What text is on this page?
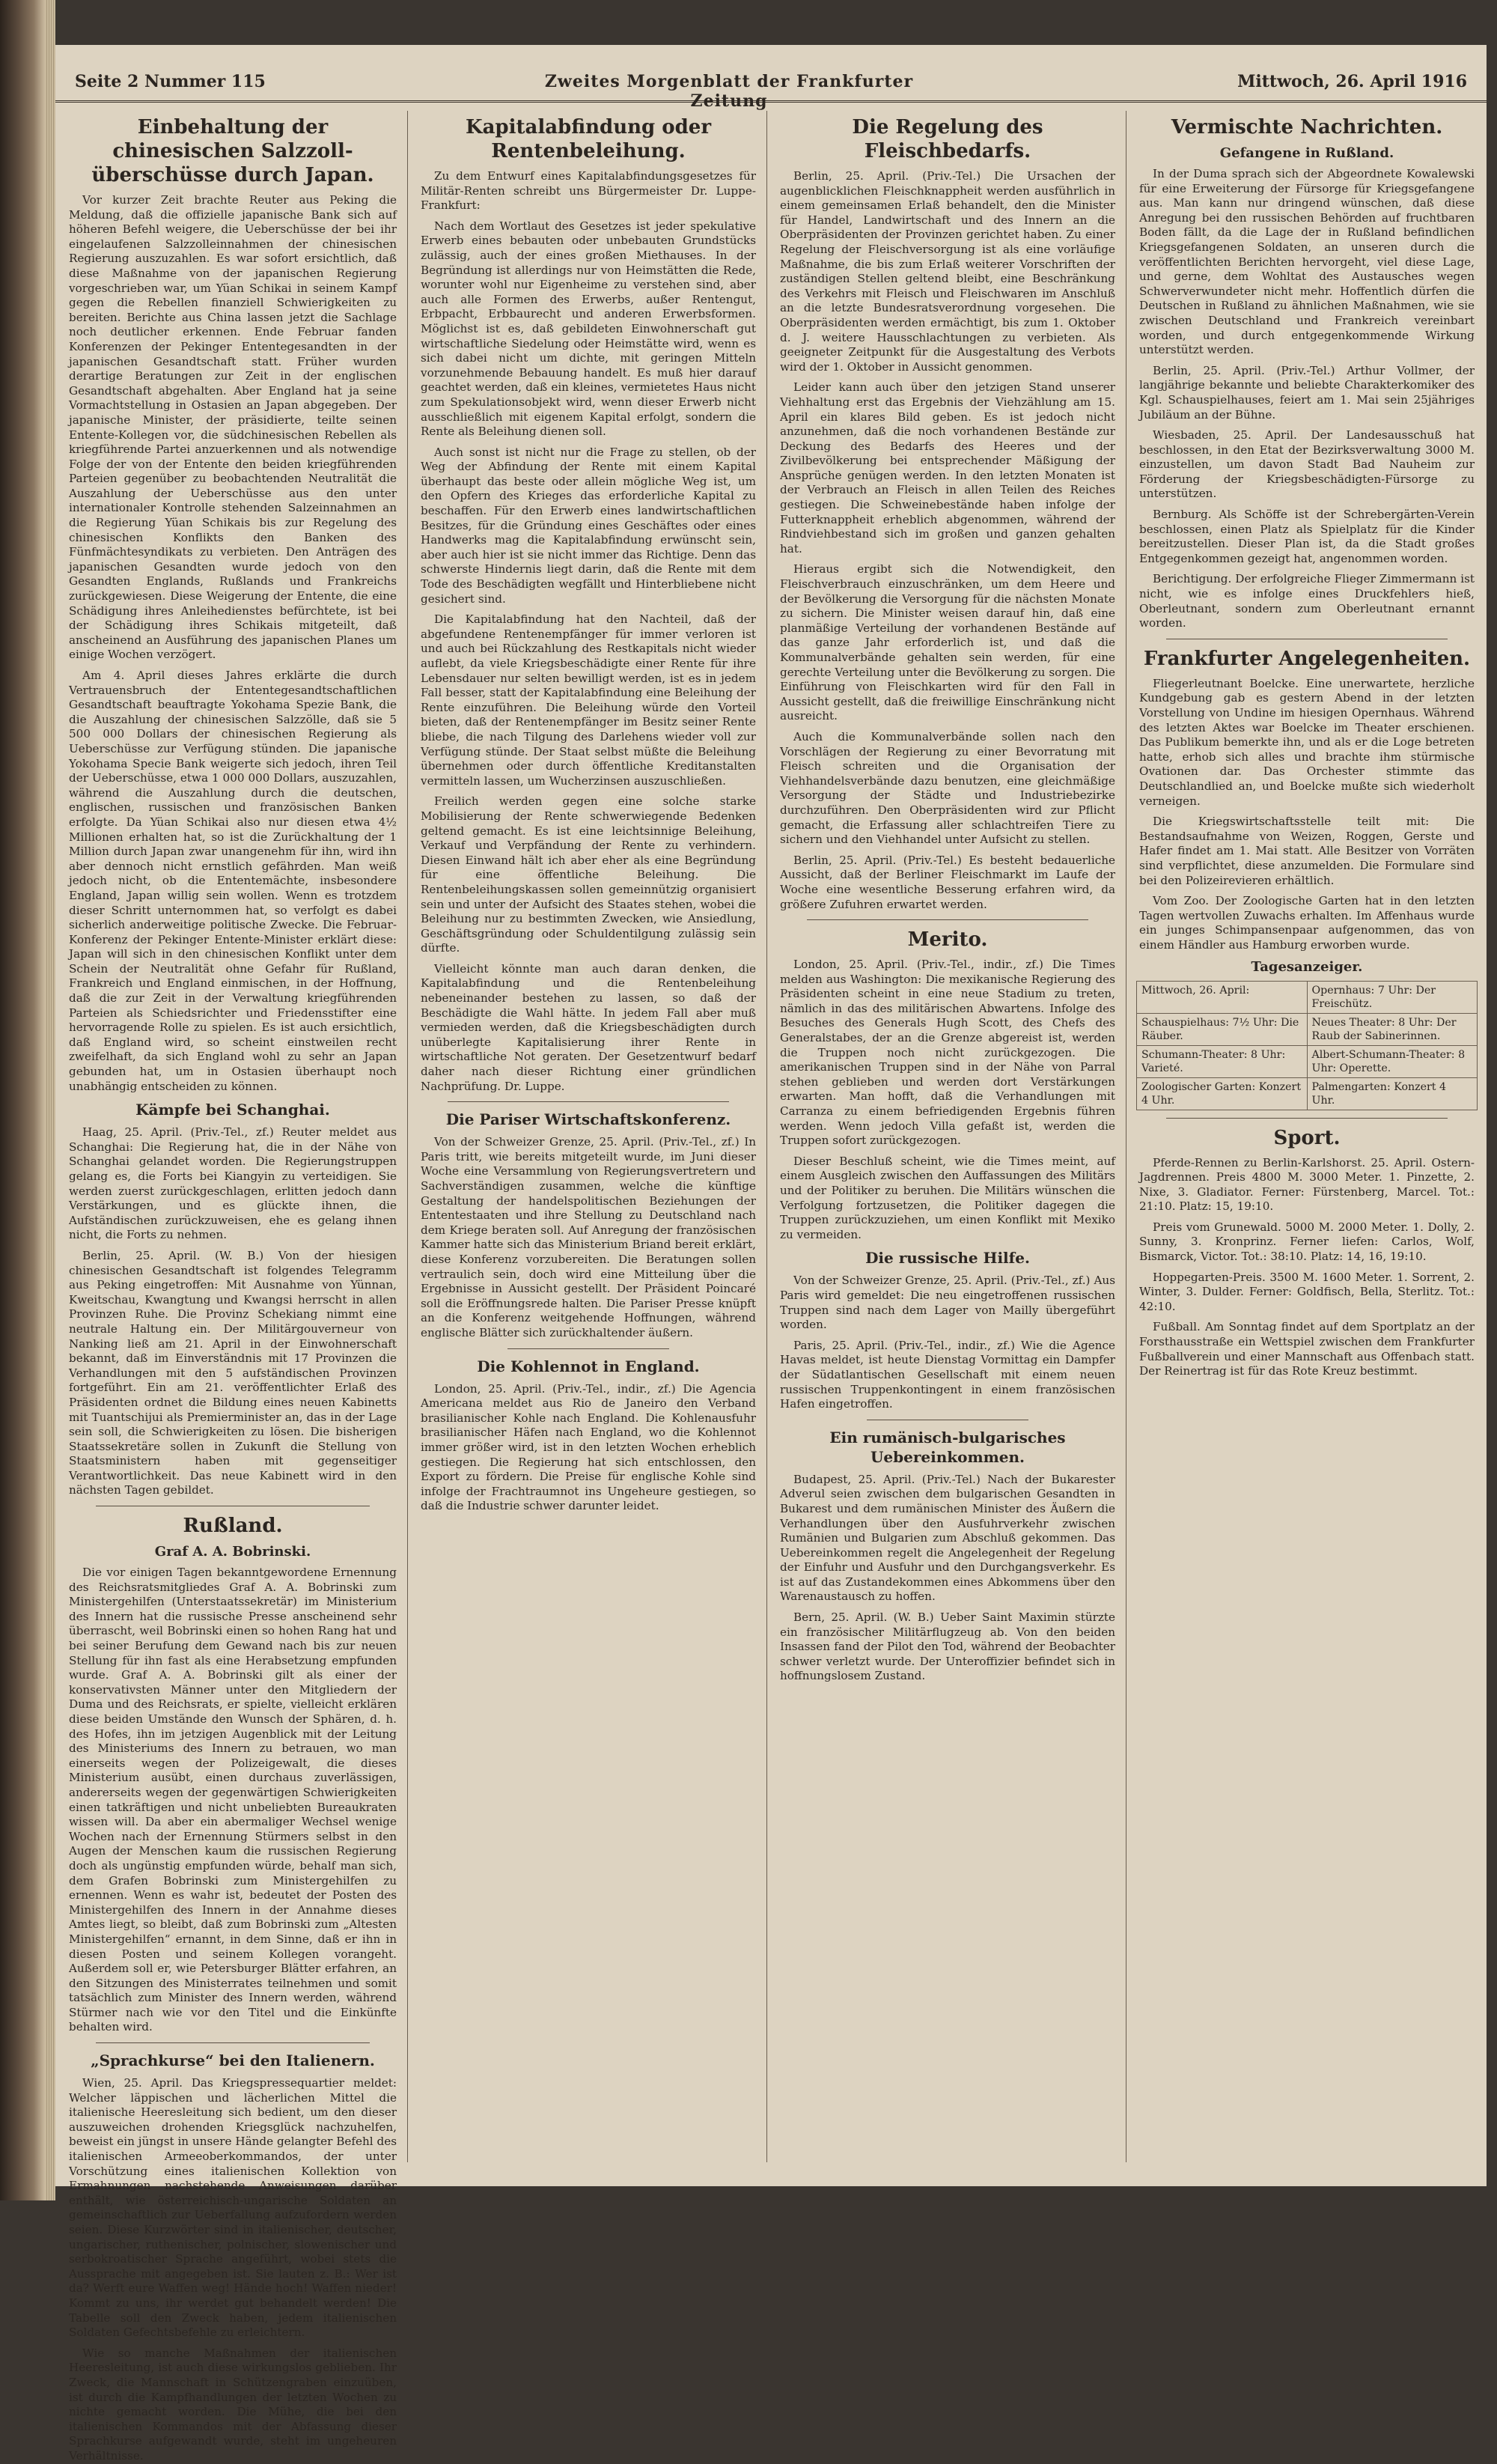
Seite 2 Nummer 115	Zweites Morgenblatt der Frankfurter Zeitung
Mittwoch, 26. April 1916
Einbehaltung der chinesischen Salzzollüberschüsse durch Japan.

Vor kurzer Zeit brachte Reuter aus Peking die Meldung, daß die offizielle japanische Bank sich auf höheren Befehl weigere, die Ueberschüsse der bei ihr eingelaufenen Salzzolleinnahmen der chinesischen Regierung auszuzahlen. Es war sofort ersichtlich, daß diese Maßnahme von der japanischen Regierung vorgeschrieben war, um Yüan Schikai in seinem Kampf gegen die Rebellen finanziell Schwierigkeiten zu bereiten. Berichte aus China lassen jetzt die Sachlage noch deutlicher erkennen. Ende Februar fanden Konferenzen der Pekinger Ententegesandten in der japanischen Gesandtschaft statt. Früher wurden derartige Beratungen zur Zeit in der englischen Gesandtschaft abgehalten. Aber England hat ja seine Vormachtstellung in Ostasien an Japan abgegeben. Der japanische Minister, der präsidierte, teilte seinen Entente-Kollegen vor, die südchinesischen Rebellen als kriegführende Partei anzuerkennen und als notwendige Folge der von der Entente den beiden kriegführenden Parteien gegenüber zu beobachtenden Neutralität die Auszahlung der Ueberschüsse aus den unter internationaler Kontrolle stehenden Salzeinnahmen an die Regierung Yüan Schikais bis zur Regelung des chinesischen Konflikts den Banken des Fünfmächtesyndikats zu verbieten. Den Anträgen des japanischen Gesandten wurde jedoch von den Gesandten Englands, Rußlands und Frankreichs zurückgewiesen. Diese Weigerung der Entente, die eine Schädigung ihres Anleihedienstes befürchtete, ist bei der Schädigung ihres Schikais mitgeteilt, daß anscheinend an Ausführung des japanischen Planes um einige Wochen verzögert.

Am 4. April dieses Jahres erklärte die durch Vertrauensbruch der Ententegesandtschaftlichen Gesandtschaft beauftragte Yokohama Spezie Bank, die die Auszahlung der chinesischen Salzzölle, daß sie 5 500 000 Dollars der chinesischen Regierung als Ueberschüsse zur Verfügung stünden. Die japanische Yokohama Specie Bank weigerte sich jedoch, ihren Teil der Ueberschüsse, etwa 1 000 000 Dollars, auszuzahlen, während die Auszahlung durch die deutschen, englischen, russischen und französischen Banken erfolgte. Da Yüan Schikai also nur diesen etwa 4½ Millionen erhalten hat, so ist die Zurückhaltung der 1 Million durch Japan zwar unangenehm für ihn, wird ihn aber dennoch nicht ernstlich gefährden. Man weiß jedoch nicht, ob die Ententemächte, insbesondere England, Japan willig sein wollen. Wenn es trotzdem dieser Schritt unternommen hat, so verfolgt es dabei sicherlich anderweitige politische Zwecke. Die Februar-Konferenz der Pekinger Entente-Minister erklärt diese: Japan will sich in den chinesischen Konflikt unter dem Schein der Neutralität ohne Gefahr für Rußland, Frankreich und England einmischen, in der Hoffnung, daß die zur Zeit in der Verwaltung kriegführenden Parteien als Schiedsrichter und Friedensstifter eine hervorragende Rolle zu spielen. Es ist auch ersichtlich, daß England wird, so scheint einstweilen recht zweifelhaft, da sich England wohl zu sehr an Japan gebunden hat, um in Ostasien überhaupt noch unabhängig entscheiden zu können.

Kämpfe bei Schanghai.

Haag, 25. April. (Priv.-Tel., zf.) Reuter meldet aus Schanghai: Die Regierung hat, die in der Nähe von Schanghai gelandet worden. Die Regierungstruppen gelang es, die Forts bei Kiangyin zu verteidigen. Sie werden zuerst zurückgeschlagen, erlitten jedoch dann Verstärkungen, und es glückte ihnen, die Aufständischen zurückzuweisen, ehe es gelang ihnen nicht, die Forts zu nehmen.

Berlin, 25. April. (W. B.) Von der hiesigen chinesischen Gesandtschaft ist folgendes Telegramm aus Peking eingetroffen: Mit Ausnahme von Yünnan, Kweitschau, Kwangtung und Kwangsi herrscht in allen Provinzen Ruhe. Die Provinz Schekiang nimmt eine neutrale Haltung ein. Der Militärgouverneur von Nanking ließ am 21. April in der Einwohnerschaft bekannt, daß im Einverständnis mit 17 Provinzen die Verhandlungen mit den 5 aufständischen Provinzen fortgeführt. Ein am 21. veröffentlichter Erlaß des Präsidenten ordnet die Bildung eines neuen Kabinetts mit Tuantschijui als Premierminister an, das in der Lage sein soll, die Schwierigkeiten zu lösen. Die bisherigen Staatssekretäre sollen in Zukunft die Stellung von Staatsministern haben mit gegenseitiger Verantwortlichkeit. Das neue Kabinett wird in den nächsten Tagen gebildet.

Rußland.
Graf A. A. Bobrinski.

Die vor einigen Tagen bekanntgewordene Ernennung des Reichsratsmitgliedes Graf A. A. Bobrinski zum Ministergehilfen (Unterstaatssekretär) im Ministerium des Innern hat die russische Presse anscheinend sehr überrascht, weil Bobrinski einen so hohen Rang hat und bei seiner Berufung dem Gewand nach bis zur neuen Stellung für ihn fast als eine Herabsetzung empfunden wurde. Graf A. A. Bobrinski gilt als einer der konservativsten Männer unter den Mitgliedern der Duma und des Reichsrats, er spielte, vielleicht erklären diese beiden Umstände den Wunsch der Sphären, d. h. des Hofes, ihn im jetzigen Augenblick mit der Leitung des Ministeriums des Innern zu betrauen, wo man einerseits wegen der Polizeigewalt, die dieses Ministerium ausübt, einen durchaus zuverlässigen, andererseits wegen der gegenwärtigen Schwierigkeiten einen tatkräftigen und nicht unbeliebten Bureaukraten wissen will. Da aber ein abermaliger Wechsel wenige Wochen nach der Ernennung Stürmers selbst in den Augen der Menschen kaum die russischen Regierung doch als ungünstig empfunden würde, behalf man sich, dem Grafen Bobrinski zum Ministergehilfen zu ernennen. Wenn es wahr ist, bedeutet der Posten des Ministergehilfen des Innern in der Annahme dieses Amtes liegt, so bleibt, daß zum Bobrinski zum „Altesten Ministergehilfen“ ernannt, in dem Sinne, daß er ihn in diesen Posten und seinem Kollegen vorangeht. Außerdem soll er, wie Petersburger Blätter erfahren, an den Sitzungen des Ministerrates teilnehmen und somit tatsächlich zum Minister des Innern werden, während Stürmer nach wie vor den Titel und die Einkünfte behalten wird.

„Sprachkurse“ bei den Italienern.

Wien, 25. April. Das Kriegspressequartier meldet: Welcher läppischen und lächerlichen Mittel die italienische Heeresleitung sich bedient, um den dieser auszuweichen drohenden Kriegsglück nachzuhelfen, beweist ein jüngst in unsere Hände gelangter Befehl des italienischen Armeeoberkommandos, der unter Vorschützung eines italienischen Kollektion von Ermahnungen nachstehende Anweisungen darüber enthält, wie österreichisch-ungarische Soldaten an gemeinschaftlich zur Ueberfallung aufzufordern werden seien. Diese Kurzwörter sind in italienischer, deutscher, ungarischer, ruthenischer, polnischer, slowenischer und serbokroatischer Sprache angeführt, wobei stets die Aussprache mit angegeben ist. Sie lauten z. B.: Wer ist da? Werft eure Waffen weg! Hände hoch! Waffen nieder! Kommt zu uns, ihr werdet gut behandelt werden! Die Tabelle soll den Zweck haben, jedem italienischen Soldaten Gefechtsbefehle zu erleichtern.

Wie so manche Maßnahmen der italienischen Heeresleitung, ist auch diese wirkungslos geblieben. Ihr Zweck, die Mannschaft in Schützengraben einzuüben, ist durch die Kampfhandlungen der letzten Wochen zu nichte gemacht worden. Die Mühe, die bei den italienischen Kommandos mit der Abfassung dieser Sprachkurse aufgewandt wurde, steht im ungeheuren Verhältnisse.

Kapitalabfindung oder Rentenbeleihung.

Zu dem Entwurf eines Kapitalabfindungsgesetzes für Militär-Renten schreibt uns Bürgermeister Dr. Luppe-Frankfurt:

Nach dem Wortlaut des Gesetzes ist jeder spekulative Erwerb eines bebauten oder unbebauten Grundstücks zulässig, auch der eines großen Miethauses. In der Begründung ist allerdings nur von Heimstätten die Rede, worunter wohl nur Eigenheime zu verstehen sind, aber auch alle Formen des Erwerbs, außer Rentengut, Erbpacht, Erbbaurecht und anderen Erwerbsformen. Möglichst ist es, daß gebildeten Einwohnerschaft gut wirtschaftliche Siedelung oder Heimstätte wird, wenn es sich dabei nicht um dichte, mit geringen Mitteln vorzunehmende Bebauung handelt. Es muß hier darauf geachtet werden, daß ein kleines, vermietetes Haus nicht zum Spekulationsobjekt wird, wenn dieser Erwerb nicht ausschließlich mit eigenem Kapital erfolgt, sondern die Rente als Beleihung dienen soll.

Auch sonst ist nicht nur die Frage zu stellen, ob der Weg der Abfindung der Rente mit einem Kapital überhaupt das beste oder allein mögliche Weg ist, um den Opfern des Krieges das erforderliche Kapital zu beschaffen. Für den Erwerb eines landwirtschaftlichen Besitzes, für die Gründung eines Geschäftes oder eines Handwerks mag die Kapitalabfindung erwünscht sein, aber auch hier ist sie nicht immer das Richtige. Denn das schwerste Hindernis liegt darin, daß die Rente mit dem Tode des Beschädigten wegfällt und Hinterbliebene nicht gesichert sind.

Die Kapitalabfindung hat den Nachteil, daß der abgefundene Rentenempfänger für immer verloren ist und auch bei Rückzahlung des Restkapitals nicht wieder auflebt, da viele Kriegsbeschädigte einer Rente für ihre Lebensdauer nur selten bewilligt werden, ist es in jedem Fall besser, statt der Kapitalabfindung eine Beleihung der Rente einzuführen. Die Beleihung würde den Vorteil bieten, daß der Rentenempfänger im Besitz seiner Rente bliebe, die nach Tilgung des Darlehens wieder voll zur Verfügung stünde. Der Staat selbst müßte die Beleihung übernehmen oder durch öffentliche Kreditanstalten vermitteln lassen, um Wucherzinsen auszuschließen.

Freilich werden gegen eine solche starke Mobilisierung der Rente schwerwiegende Bedenken geltend gemacht. Es ist eine leichtsinnige Beleihung, Verkauf und Verpfändung der Rente zu verhindern. Diesen Einwand hält ich aber eher als eine Begründung für eine öffentliche Beleihung. Die Rentenbeleihungskassen sollen gemeinnützig organisiert sein und unter der Aufsicht des Staates stehen, wobei die Beleihung nur zu bestimmten Zwecken, wie Ansiedlung, Geschäftsgründung oder Schuldentilgung zulässig sein dürfte.

Vielleicht könnte man auch daran denken, die Kapitalabfindung und die Rentenbeleihung nebeneinander bestehen zu lassen, so daß der Beschädigte die Wahl hätte. In jedem Fall aber muß vermieden werden, daß die Kriegsbeschädigten durch unüberlegte Kapitalisierung ihrer Rente in wirtschaftliche Not geraten. Der Gesetzentwurf bedarf daher nach dieser Richtung einer gründlichen Nachprüfung. Dr. Luppe.

Die Pariser Wirtschaftskonferenz.

Von der Schweizer Grenze, 25. April. (Priv.-Tel., zf.) In Paris tritt, wie bereits mitgeteilt wurde, im Juni dieser Woche eine Versammlung von Regierungsvertretern und Sachverständigen zusammen, welche die künftige Gestaltung der handelspolitischen Beziehungen der Ententestaaten und ihre Stellung zu Deutschland nach dem Kriege beraten soll. Auf Anregung der französischen Kammer hatte sich das Ministerium Briand bereit erklärt, diese Konferenz vorzubereiten. Die Beratungen sollen vertraulich sein, doch wird eine Mitteilung über die Ergebnisse in Aussicht gestellt. Der Präsident Poincaré soll die Eröffnungsrede halten. Die Pariser Presse knüpft an die Konferenz weitgehende Hoffnungen, während englische Blätter sich zurückhaltender äußern.

Die Kohlennot in England.

London, 25. April. (Priv.-Tel., indir., zf.) Die Agencia Americana meldet aus Rio de Janeiro den Verband brasilianischer Kohle nach England. Die Kohlenausfuhr brasilianischer Häfen nach England, wo die Kohlennot immer größer wird, ist in den letzten Wochen erheblich gestiegen. Die Regierung hat sich entschlossen, den Export zu fördern. Die Preise für englische Kohle sind infolge der Frachtraumnot ins Ungeheure gestiegen, so daß die Industrie schwer darunter leidet.

Die Regelung des Fleischbedarfs.

Berlin, 25. April. (Priv.-Tel.) Die Ursachen der augenblicklichen Fleischknappheit werden ausführlich in einem gemeinsamen Erlaß behandelt, den die Minister für Handel, Landwirtschaft und des Innern an die Oberpräsidenten der Provinzen gerichtet haben. Zu einer Regelung der Fleischversorgung ist als eine vorläufige Maßnahme, die bis zum Erlaß weiterer Vorschriften der zuständigen Stellen geltend bleibt, eine Beschränkung des Verkehrs mit Fleisch und Fleischwaren im Anschluß an die letzte Bundesratsverordnung vorgesehen. Die Oberpräsidenten werden ermächtigt, bis zum 1. Oktober d. J. weitere Hausschlachtungen zu verbieten. Als geeigneter Zeitpunkt für die Ausgestaltung des Verbots wird der 1. Oktober in Aussicht genommen.

Leider kann auch über den jetzigen Stand unserer Viehhaltung erst das Ergebnis der Viehzählung am 15. April ein klares Bild geben. Es ist jedoch nicht anzunehmen, daß die noch vorhandenen Bestände zur Deckung des Bedarfs des Heeres und der Zivilbevölkerung bei entsprechender Mäßigung der Ansprüche genügen werden. In den letzten Monaten ist der Verbrauch an Fleisch in allen Teilen des Reiches gestiegen. Die Schweinebestände haben infolge der Futterknappheit erheblich abgenommen, während der Rindviehbestand sich im großen und ganzen gehalten hat.

Hieraus ergibt sich die Notwendigkeit, den Fleischverbrauch einzuschränken, um dem Heere und der Bevölkerung die Versorgung für die nächsten Monate zu sichern. Die Minister weisen darauf hin, daß eine planmäßige Verteilung der vorhandenen Bestände auf das ganze Jahr erforderlich ist, und daß die Kommunalverbände gehalten sein werden, für eine gerechte Verteilung unter die Bevölkerung zu sorgen. Die Einführung von Fleischkarten wird für den Fall in Aussicht gestellt, daß die freiwillige Einschränkung nicht ausreicht.

Auch die Kommunalverbände sollen nach den Vorschlägen der Regierung zu einer Bevorratung mit Fleisch schreiten und die Organisation der Viehhandelsverbände dazu benutzen, eine gleichmäßige Versorgung der Städte und Industriebezirke durchzuführen. Den Oberpräsidenten wird zur Pflicht gemacht, die Erfassung aller schlachtreifen Tiere zu sichern und den Viehhandel unter Aufsicht zu stellen.

Berlin, 25. April. (Priv.-Tel.) Es besteht bedauerliche Aussicht, daß der Berliner Fleischmarkt im Laufe der Woche eine wesentliche Besserung erfahren wird, da größere Zufuhren erwartet werden.

Merito.

London, 25. April. (Priv.-Tel., indir., zf.) Die Times melden aus Washington: Die mexikanische Regierung des Präsidenten scheint in eine neue Stadium zu treten, nämlich in das des militärischen Abwartens. Infolge des Besuches des Generals Hugh Scott, des Chefs des Generalstabes, der an die Grenze abgereist ist, werden die Truppen noch nicht zurückgezogen. Die amerikanischen Truppen sind in der Nähe von Parral stehen geblieben und werden dort Verstärkungen erwarten. Man hofft, daß die Verhandlungen mit Carranza zu einem befriedigenden Ergebnis führen werden. Wenn jedoch Villa gefaßt ist, werden die Truppen sofort zurückgezogen.

Dieser Beschluß scheint, wie die Times meint, auf einem Ausgleich zwischen den Auffassungen des Militärs und der Politiker zu beruhen. Die Militärs wünschen die Verfolgung fortzusetzen, die Politiker dagegen die Truppen zurückzuziehen, um einen Konflikt mit Mexiko zu vermeiden.

Die russische Hilfe.

Von der Schweizer Grenze, 25. April. (Priv.-Tel., zf.) Aus Paris wird gemeldet: Die neu eingetroffenen russischen Truppen sind nach dem Lager von Mailly übergeführt worden.

Paris, 25. April. (Priv.-Tel., indir., zf.) Wie die Agence Havas meldet, ist heute Dienstag Vormittag ein Dampfer der Südatlantischen Gesellschaft mit einem neuen russischen Truppenkontingent in einem französischen Hafen eingetroffen.

Ein rumänisch-bulgarisches Uebereinkommen.

Budapest, 25. April. (Priv.-Tel.) Nach der Bukarester Adverul seien zwischen dem bulgarischen Gesandten in Bukarest und dem rumänischen Minister des Äußern die Verhandlungen über den Ausfuhrverkehr zwischen Rumänien und Bulgarien zum Abschluß gekommen. Das Uebereinkommen regelt die Angelegenheit der Regelung der Einfuhr und Ausfuhr und den Durchgangsverkehr. Es ist auf das Zustandekommen eines Abkommens über den Warenaustausch zu hoffen.

Bern, 25. April. (W. B.) Ueber Saint Maximin stürzte ein französischer Militärflugzeug ab. Von den beiden Insassen fand der Pilot den Tod, während der Beobachter schwer verletzt wurde. Der Unteroffizier befindet sich in hoffnungslosem Zustand.

Vermischte Nachrichten.
Gefangene in Rußland.

In der Duma sprach sich der Abgeordnete Kowalewski für eine Erweiterung der Fürsorge für Kriegsgefangene aus. Man kann nur dringend wünschen, daß diese Anregung bei den russischen Behörden auf fruchtbaren Boden fällt, da die Lage der in Rußland befindlichen Kriegsgefangenen Soldaten, an unseren durch die veröffentlichten Berichten hervorgeht, viel diese Lage, und gerne, dem Wohltat des Austausches wegen Schwerverwundeter nicht mehr. Hoffentlich dürfen die Deutschen in Rußland zu ähnlichen Maßnahmen, wie sie zwischen Deutschland und Frankreich vereinbart worden, und durch entgegenkommende Wirkung unterstützt werden.

Berlin, 25. April. (Priv.-Tel.) Arthur Vollmer, der langjährige bekannte und beliebte Charakterkomiker des Kgl. Schauspielhauses, feiert am 1. Mai sein 25jähriges Jubiläum an der Bühne.

Wiesbaden, 25. April. Der Landesausschuß hat beschlossen, in den Etat der Bezirksverwaltung 3000 M. einzustellen, um davon Stadt Bad Nauheim zur Förderung der Kriegsbeschädigten-Fürsorge zu unterstützen.

Bernburg. Als Schöffe ist der Schrebergärten-Verein beschlossen, einen Platz als Spielplatz für die Kinder bereitzustellen. Dieser Plan ist, da die Stadt großes Entgegenkommen gezeigt hat, angenommen worden.

Berichtigung. Der erfolgreiche Flieger Zimmermann ist nicht, wie es infolge eines Druckfehlers hieß, Oberleutnant, sondern zum Oberleutnant ernannt worden.

Frankfurter Angelegenheiten.

Fliegerleutnant Boelcke. Eine unerwartete, herzliche Kundgebung gab es gestern Abend in der letzten Vorstellung von Undine im hiesigen Opernhaus. Während des letzten Aktes war Boelcke im Theater erschienen. Das Publikum bemerkte ihn, und als er die Loge betreten hatte, erhob sich alles und brachte ihm stürmische Ovationen dar. Das Orchester stimmte das Deutschlandlied an, und Boelcke mußte sich wiederholt verneigen.

Die Kriegswirtschaftsstelle teilt mit: Die Bestandsaufnahme von Weizen, Roggen, Gerste und Hafer findet am 1. Mai statt. Alle Besitzer von Vorräten sind verpflichtet, diese anzumelden. Die Formulare sind bei den Polizeirevieren erhältlich.

Vom Zoo. Der Zoologische Garten hat in den letzten Tagen wertvollen Zuwachs erhalten. Im Affenhaus wurde ein junges Schimpansenpaar aufgenommen, das von einem Händler aus Hamburg erworben wurde.

Tagesanzeiger.
Mittwoch, 26. April:	Opernhaus: 7 Uhr: Der Freischütz.
Schauspielhaus: 7½ Uhr: Die Räuber.	Neues Theater: 8 Uhr: Der Raub der Sabinerinnen.
Schumann-Theater: 8 Uhr: Varieté.	Albert-Schumann-Theater: 8 Uhr: Operette.
Zoologischer Garten: Konzert 4 Uhr.	Palmengarten: Konzert 4 Uhr.
Sport.

Pferde-Rennen zu Berlin-Karlshorst. 25. April. Ostern-Jagdrennen. Preis 4800 M. 3000 Meter. 1. Pinzette, 2. Nixe, 3. Gladiator. Ferner: Fürstenberg, Marcel. Tot.: 21:10. Platz: 15, 19:10.

Preis vom Grunewald. 5000 M. 2000 Meter. 1. Dolly, 2. Sunny, 3. Kronprinz. Ferner liefen: Carlos, Wolf, Bismarck, Victor. Tot.: 38:10. Platz: 14, 16, 19:10.

Hoppegarten-Preis. 3500 M. 1600 Meter. 1. Sorrent, 2. Winter, 3. Dulder. Ferner: Goldfisch, Bella, Sterlitz. Tot.: 42:10.

Fußball. Am Sonntag findet auf dem Sportplatz an der Forsthausstraße ein Wettspiel zwischen dem Frankfurter Fußballverein und einer Mannschaft aus Offenbach statt. Der Reinertrag ist für das Rote Kreuz bestimmt.
